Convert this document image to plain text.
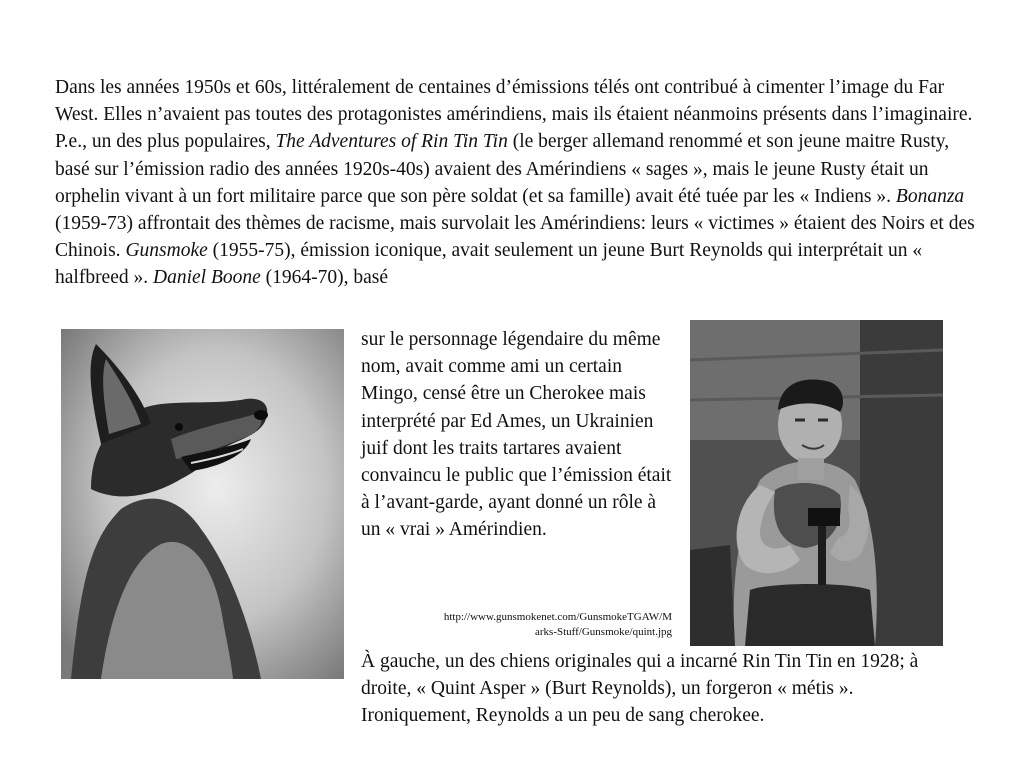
Dans les années 1950s et 60s, littéralement de centaines d’émissions télés ont contribué à cimenter l’image du Far West. Elles n’avaient pas toutes des protagonistes amérindiens, mais ils étaient néanmoins présents dans l’imaginaire. P.e., un des plus populaires, The Adventures of Rin Tin Tin (le berger allemand renommé et son jeune maitre Rusty, basé sur l’émission radio des années 1920s-40s) avaient des Amérindiens « sages », mais le jeune Rusty était un orphelin vivant à un fort militaire parce que son père soldat (et sa famille) avait été tuée par les « Indiens ». Bonanza (1959-73) affrontait des thèmes de racisme, mais survolait les Amérindiens: leurs « victimes » étaient des Noirs et des Chinois. Gunsmoke (1955-75), émission iconique, avait seulement un jeune Burt Reynolds qui interprétait un « halfbreed ». Daniel Boone (1964-70), basé

sur le personnage légendaire du même nom, avait comme ami un certain Mingo, censé être un Cherokee mais interprété par Ed Ames, un Ukrainien juif dont les traits tartares avaient convaincu le public que l’émission était à l’avant-garde, ayant donné un rôle à un « vrai » Amérindien.

http://www.gunsmokenet.com/GunsmokeTGAW/Marks-Stuff/Gunsmoke/quint.jpg

À gauche, un des chiens originales qui a incarné Rin Tin Tin en 1928; à droite, « Quint Asper » (Burt Reynolds), un forgeron « métis ». Ironiquement, Reynolds a un peu de sang cherokee.
